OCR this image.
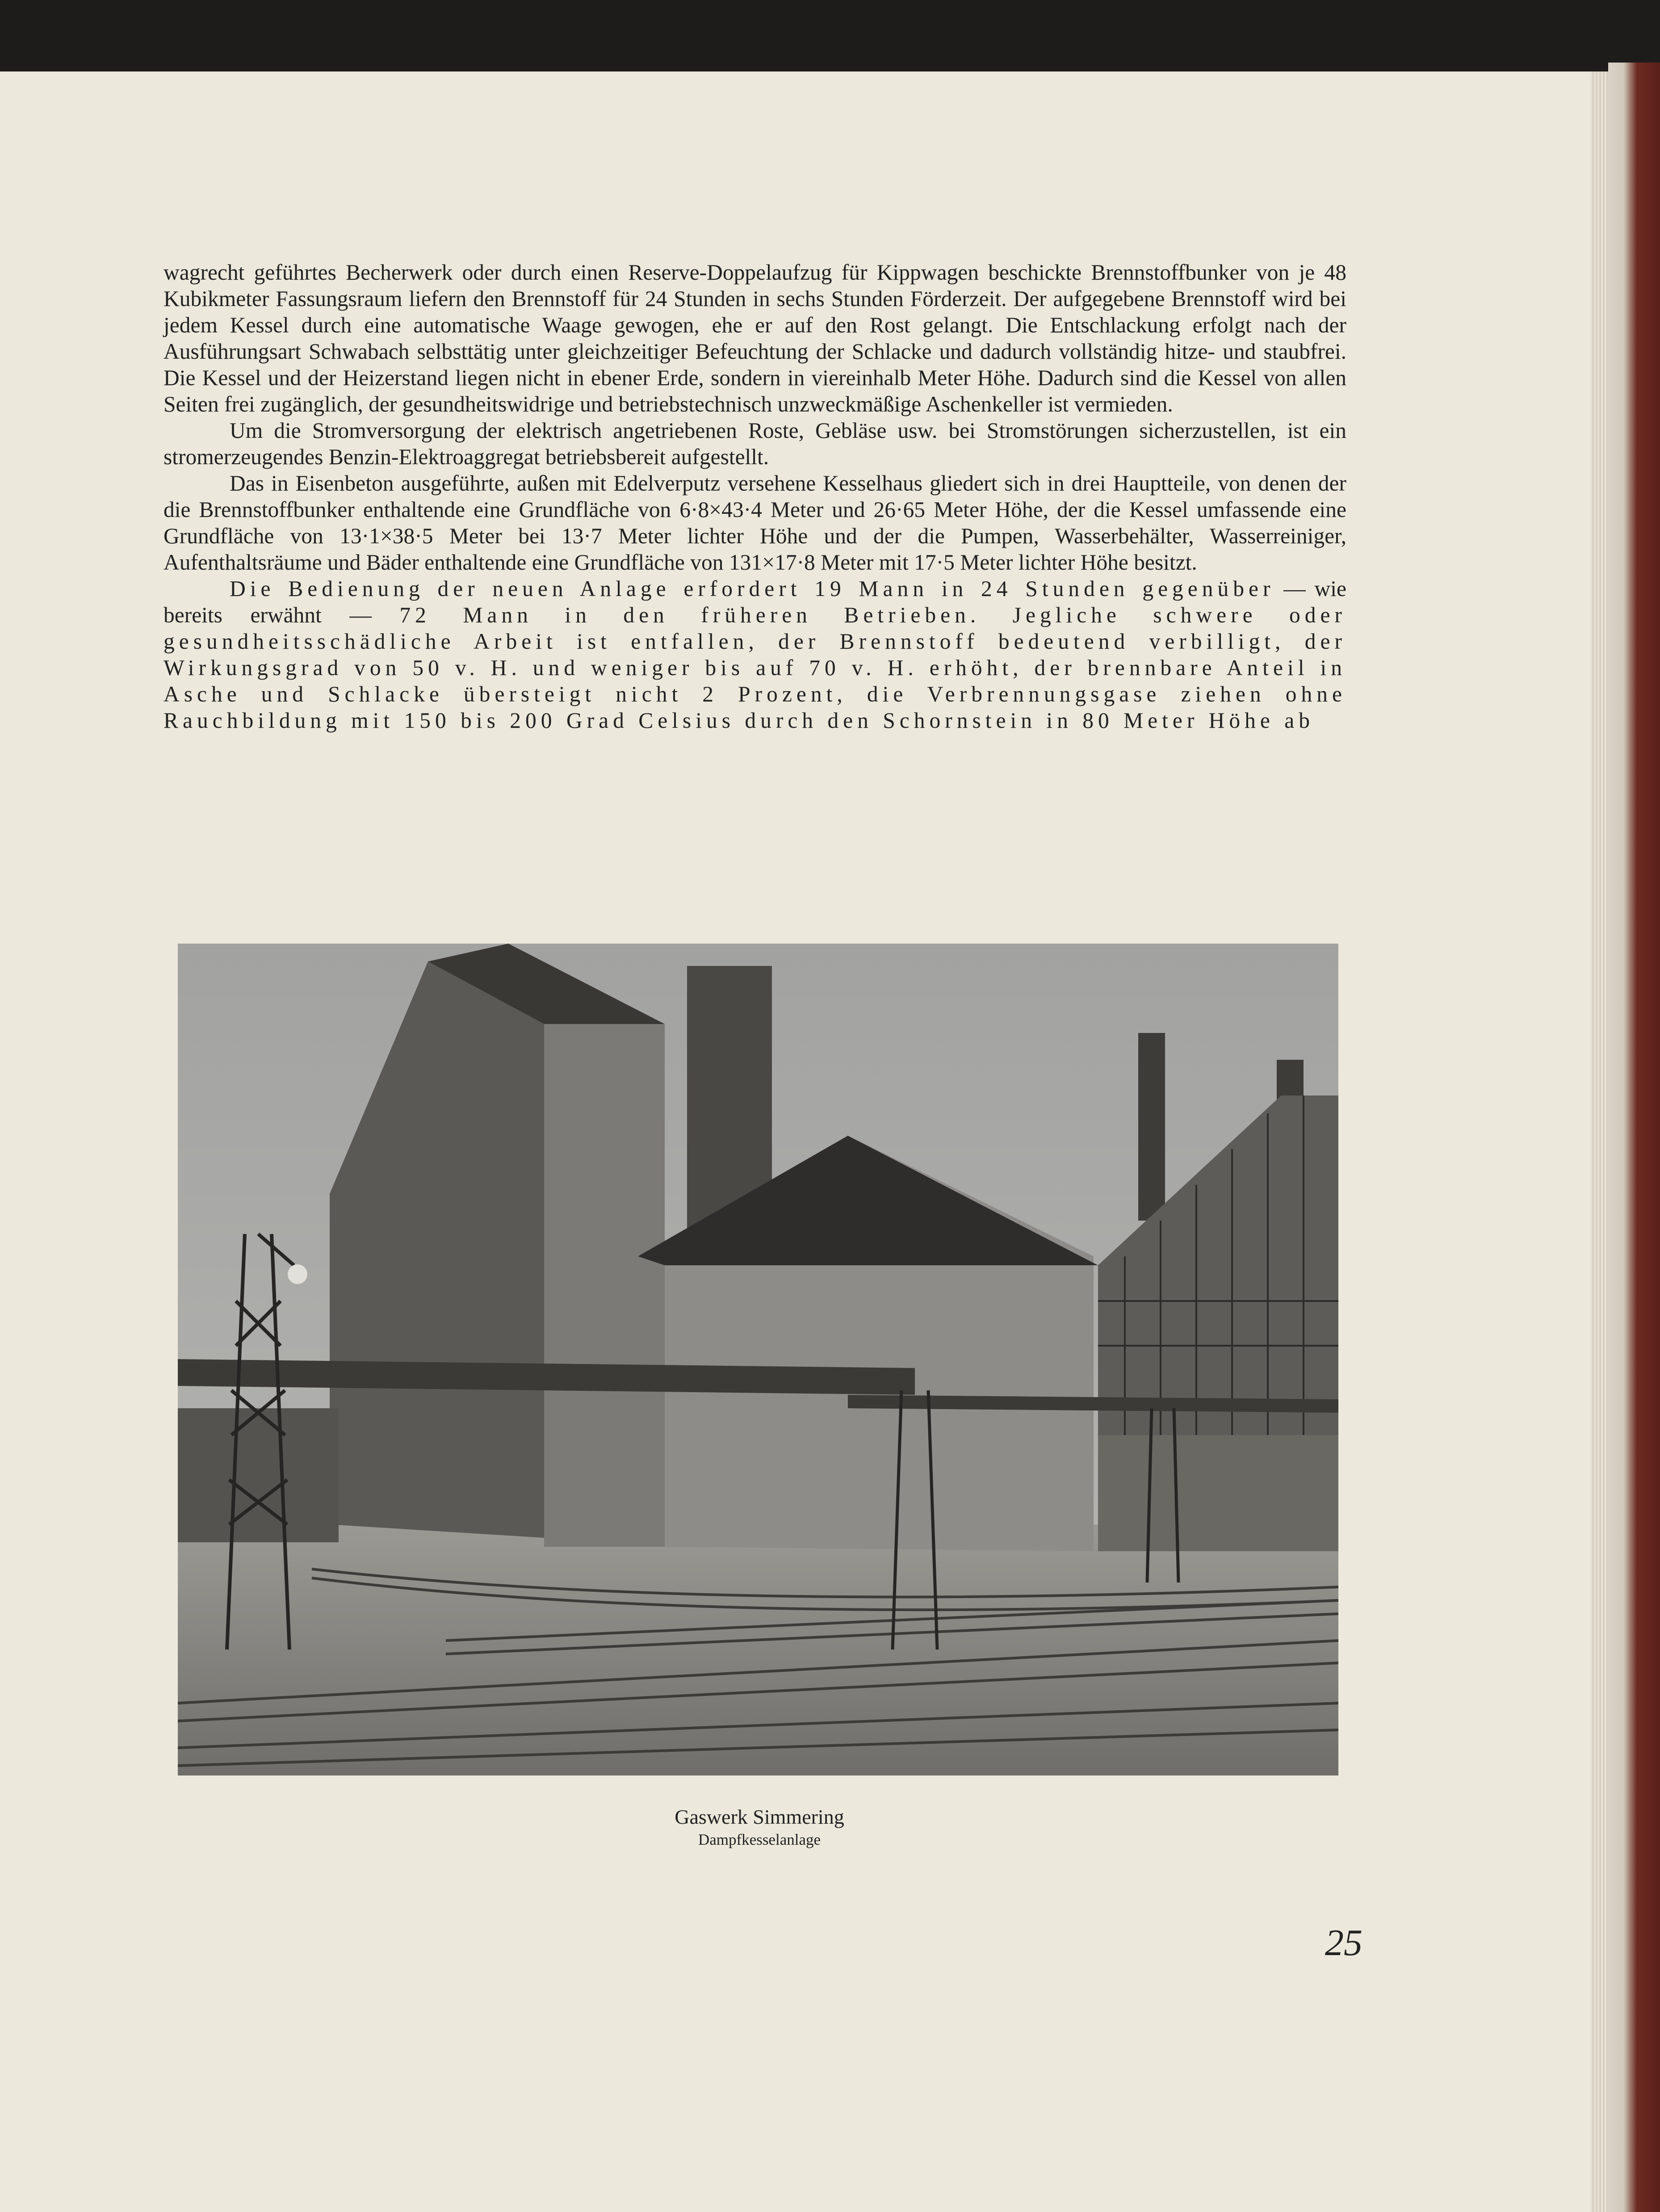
wagrecht geführtes Becherwerk oder durch einen Reserve-Doppelaufzug für Kippwagen beschickte Brennstoffbunker von je 48 Kubikmeter Fassungsraum liefern den Brennstoff für 24 Stunden in sechs Stunden Förderzeit. Der aufgegebene Brennstoff wird bei jedem Kessel durch eine automatische Waage gewogen, ehe er auf den Rost gelangt. Die Entschlackung erfolgt nach der Ausführungsart Schwabach selbsttätig unter gleichzeitiger Befeuchtung der Schlacke und dadurch vollständig hitze- und staubfrei. Die Kessel und der Heizerstand liegen nicht in ebener Erde, sondern in viereinhalb Meter Höhe. Dadurch sind die Kessel von allen Seiten frei zugänglich, der gesundheitswidrige und betriebstechnisch unzweckmäßige Aschenkeller ist vermieden.

Um die Stromversorgung der elektrisch angetriebenen Roste, Gebläse usw. bei Stromstörungen sicherzustellen, ist ein stromerzeugendes Benzin-Elektroaggregat betriebsbereit aufgestellt.

Das in Eisenbeton ausgeführte, außen mit Edelverputz versehene Kesselhaus gliedert sich in drei Hauptteile, von denen der die Brennstoffbunker enthaltende eine Grundfläche von 6·8×43·4 Meter und 26·65 Meter Höhe, der die Kessel umfassende eine Grundfläche von 13·1×38·5 Meter bei 13·7 Meter lichter Höhe und der die Pumpen, Wasserbehälter, Wasserreiniger, Aufenthaltsräume und Bäder enthaltende eine Grundfläche von 131×17·8 Meter mit 17·5 Meter lichter Höhe besitzt.

Die Bedienung der neuen Anlage erfordert 19 Mann in 24 Stunden gegenüber — wie bereits erwähnt — 72 Mann in den früheren Betrieben. Jegliche schwere oder gesundheitsschädliche Arbeit ist entfallen, der Brennstoff bedeutend verbilligt, der Wirkungsgrad von 50 v. H. und weniger bis auf 70 v. H. erhöht, der brennbare Anteil in Asche und Schlacke übersteigt nicht 2 Prozent, die Verbrennungsgase ziehen ohne Rauchbildung mit 150 bis 200 Grad Celsius durch den Schornstein in 80 Meter Höhe ab

Gaswerk Simmering
Dampfkesselanlage
25
